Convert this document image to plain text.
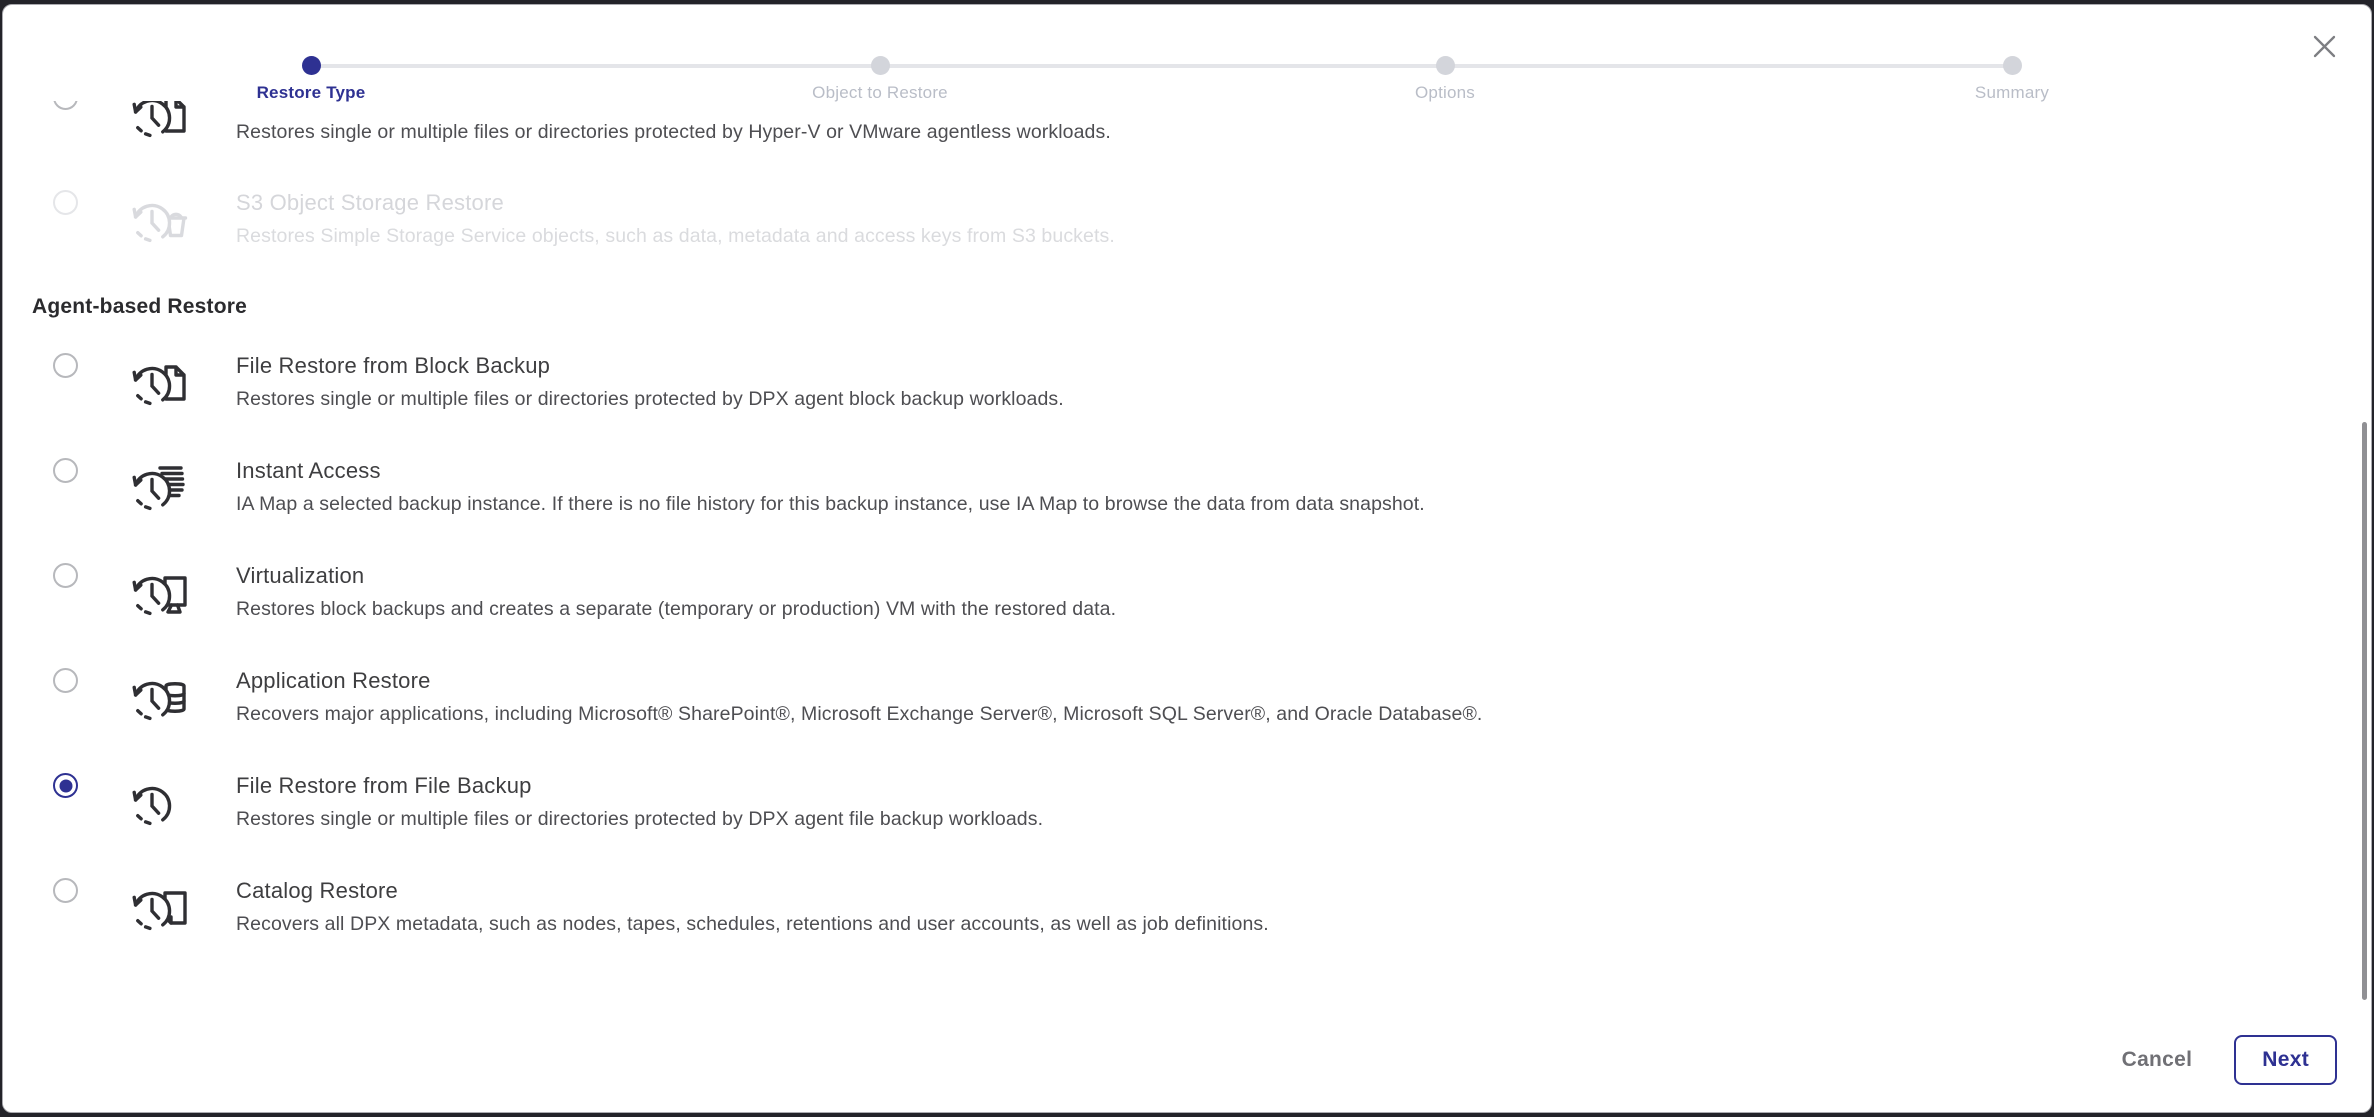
Restore Type	Object to Restore	Options	Summary
Restores single or multiple files or directories protected by Hyper-V or VMware agentless workloads.
S3 Object Storage Restore
Restores Simple Storage Service objects, such as data, metadata and access keys from S3 buckets.
Agent-based Restore
File Restore from Block Backup
Restores single or multiple files or directories protected by DPX agent block backup workloads.
Instant Access
IA Map a selected backup instance. If there is no file history for this backup instance, use IA Map to browse the data from data snapshot.
Virtualization
Restores block backups and creates a separate (temporary or production) VM with the restored data.
Application Restore
Recovers major applications, including Microsoft® SharePoint®, Microsoft Exchange Server®, Microsoft SQL Server®, and Oracle Database®.
File Restore from File Backup
Restores single or multiple files or directories protected by DPX agent file backup workloads.
Catalog Restore
Recovers all DPX metadata, such as nodes, tapes, schedules, retentions and user accounts, as well as job definitions.
Cancel	Next
